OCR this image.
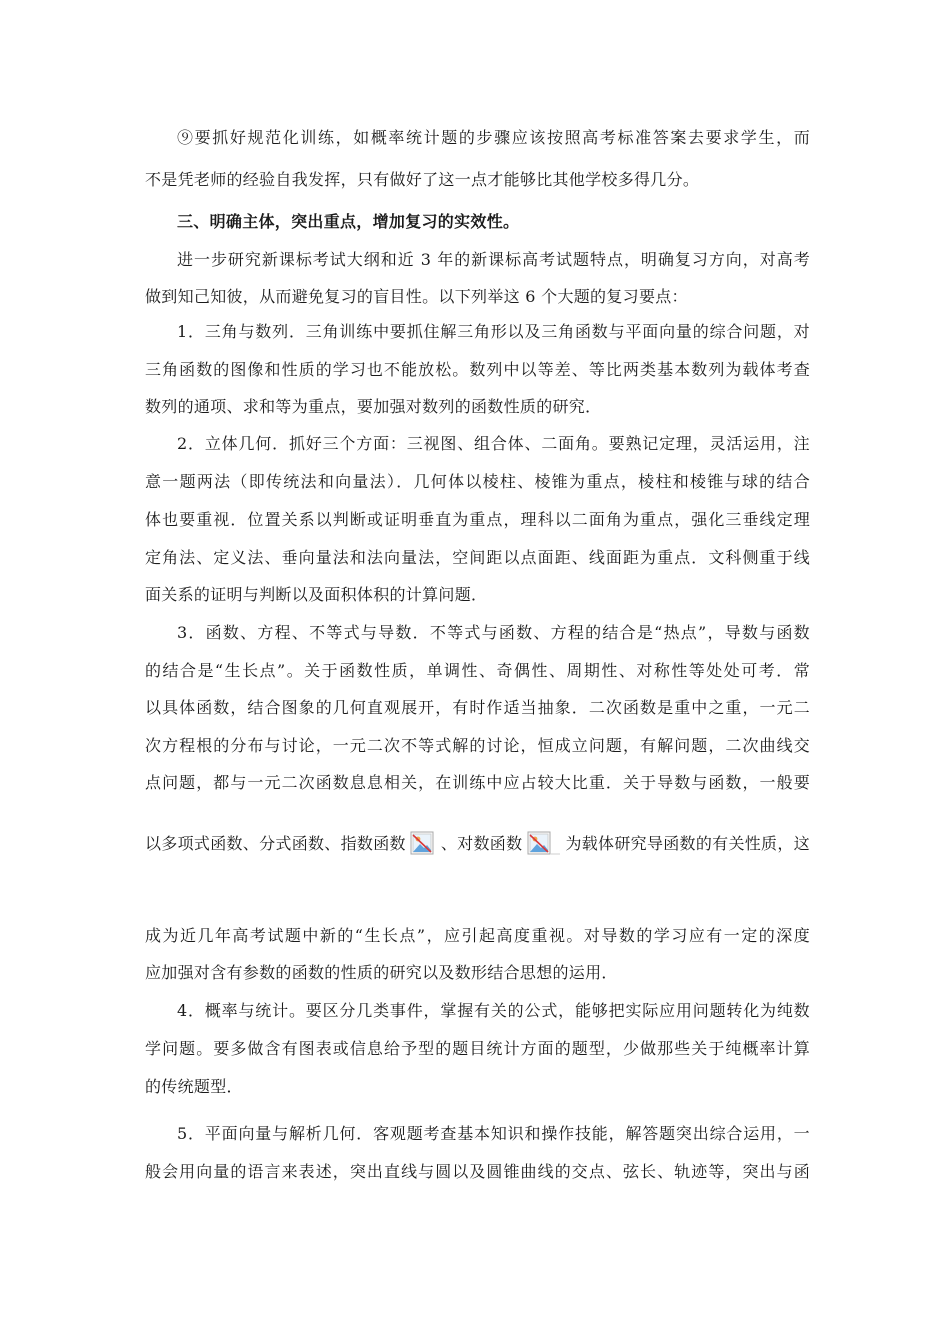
⑨要抓好规范化训练，如概率统计题的步骤应该按照高考标准答案去要求学生，而
不是凭老师的经验自我发挥，只有做好了这一点才能够比其他学校多得几分。
三、明确主体，突出重点，增加复习的实效性。
进一步研究新课标考试大纲和近 3 年的新课标高考试题特点，明确复习方向，对高考
做到知己知彼，从而避免复习的盲目性。以下列举这 6 个大题的复习要点：
1．三角与数列．三角训练中要抓住解三角形以及三角函数与平面向量的综合问题，对
三角函数的图像和性质的学习也不能放松。数列中以等差、等比两类基本数列为载体考查
数列的通项、求和等为重点，要加强对数列的函数性质的研究．
2．立体几何．抓好三个方面：三视图、组合体、二面角。要熟记定理，灵活运用，注
意一题两法（即传统法和向量法）．几何体以棱柱、棱锥为重点，棱柱和棱锥与球的结合
体也要重视．位置关系以判断或证明垂直为重点，理科以二面角为重点，强化三垂线定理
定角法、定义法、垂向量法和法向量法，空间距以点面距、线面距为重点．文科侧重于线
面关系的证明与判断以及面积体积的计算问题．
3．函数、方程、不等式与导数．不等式与函数、方程的结合是“热点”，导数与函数
的结合是“生长点”。关于函数性质，单调性、奇偶性、周期性、对称性等处处可考．常
以具体函数，结合图象的几何直观展开，有时作适当抽象．二次函数是重中之重，一元二
次方程根的分布与讨论，一元二次不等式解的讨论，恒成立问题，有解问题，二次曲线交
点问题，都与一元二次函数息息相关，在训练中应占较大比重．关于导数与函数，一般要
以多项式函数、分式函数、指数函数 、对数函数	为载体研究导函数的有关性质，这
成为近几年高考试题中新的“生长点”，应引起高度重视。对导数的学习应有一定的深度
应加强对含有参数的函数的性质的研究以及数形结合思想的运用．
4．概率与统计。要区分几类事件，掌握有关的公式，能够把实际应用问题转化为纯数
学问题。要多做含有图表或信息给予型的题目统计方面的题型，少做那些关于纯概率计算
的传统题型．
5．平面向量与解析几何．客观题考查基本知识和操作技能，解答题突出综合运用，一
般会用向量的语言来表述，突出直线与圆以及圆锥曲线的交点、弦长、轨迹等，突出与函
